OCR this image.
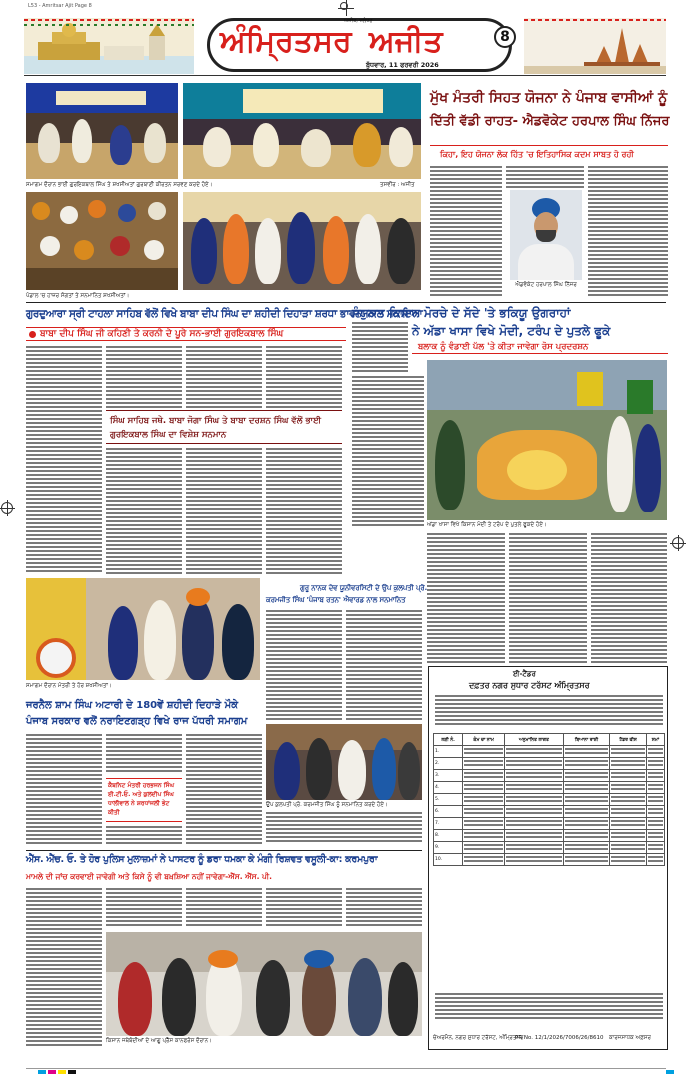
L53 - Amritsar Ajit Page 8
ਅੰਮ੍ਰਿਤਸਰ ਅਜੀਤ
ਅਜੀਤ, ਜਲੰਧਰ
ਬੁੱਧਵਾਰ, 11 ਫਰਵਰੀ 2026
8
ਸਮਾਗਮ ਦੌਰਾਨ ਭਾਈ ਗੁਰਇਕਬਾਲ ਸਿੰਘ ਤੇ ਸ਼ਖਸੀਅਤਾਂ ਗੁਰਬਾਣੀ ਕੀਰਤਨ ਸਰਵਣ ਕਰਦੇ ਹੋਏ।	ਤਸਵੀਰ : ਅਜੀਤ
ਪੰਡਾਲ 'ਚ ਹਾਜ਼ਰ ਸੰਗਤਾਂ ਤੇ ਸਨਮਾਨਿਤ ਸ਼ਖਸੀਅਤਾਂ।
ਮੁੱਖ ਮੰਤਰੀ ਸਿਹਤ ਯੋਜਨਾ ਨੇ ਪੰਜਾਬ ਵਾਸੀਆਂ ਨੂੰ
ਦਿੱਤੀ ਵੱਡੀ ਰਾਹਤ- ਐਡਵੋਕੇਟ ਹਰਪਾਲ ਸਿੰਘ ਨਿੱਜਰ
ਕਿਹਾ, ਇਹ ਯੋਜਨਾ ਲੋਕ ਹਿੱਤ 'ਚ ਇਤਿਹਾਸਿਕ ਕਦਮ ਸਾਬਤ ਹੋ ਰਹੀ
ਐਡਵੋਕੇਟ ਹਰਪਾਲ ਸਿੰਘ ਨਿੱਜਰ
ਗੁਰਦੁਆਰਾ ਸ੍ਰੀ ਟਾਹਲਾ ਸਾਹਿਬ ਵੱਲੋਂ ਵਿਖੇ ਬਾਬਾ ਦੀਪ ਸਿੰਘ ਦਾ ਸ਼ਹੀਦੀ ਦਿਹਾੜਾ ਸ਼ਰਧਾ ਭਾਵਨਾ ਨਾਲ ਮਨਾਇਆ
ਬਾਬਾ ਦੀਪ ਸਿੰਘ ਜੀ ਕਹਿਣੀ ਤੇ ਕਰਨੀ ਦੇ ਪੂਰੇ ਸਨ-ਭਾਈ ਗੁਰਇਕਬਾਲ ਸਿੰਘ
ਸਿੰਘ ਸਾਹਿਬ ਜਥੇ. ਬਾਬਾ ਜੋਗਾ ਸਿੰਘ ਤੇ ਬਾਬਾ ਦਰਸ਼ਨ ਸਿੰਘ ਵੱਲੋਂ ਭਾਈ ਗੁਰਇਕਬਾਲ ਸਿੰਘ ਦਾ ਵਿਸ਼ੇਸ਼ ਸਨਮਾਨ
ਸੰਯੁਕਤ ਕਿਸਾਨ ਮੋਰਚੇ ਦੇ ਸੱਦੇ 'ਤੇ ਭਕਿਯੂ ਉਗਰਾਹਾਂ
ਨੇ ਅੱਡਾ ਖਾਸਾ ਵਿਖੇ ਮੋਦੀ, ਟਰੰਪ ਦੇ ਪੁਤਲੇ ਫੂਕੇ
ਬਲਾਕ ਨੂੰ ਵੰਡਾਈ ਪੱਲ 'ਤੇ ਕੀਤਾ ਜਾਵੇਗਾ ਰੋਸ ਪ੍ਰਦਰਸ਼ਨ
ਅੱਡਾ ਖਾਸਾ ਵਿਖੇ ਕਿਸਾਨ ਮੋਦੀ ਤੇ ਟਰੰਪ ਦੇ ਪੁਤਲੇ ਫੂਕਦੇ ਹੋਏ।
ਸਮਾਗਮ ਦੌਰਾਨ ਮੰਤਰੀ ਤੇ ਹੋਰ ਸ਼ਖਸੀਅਤਾਂ।
ਜਰਨੈਲ ਸ਼ਾਮ ਸਿੰਘ ਅਟਾਰੀ ਦੇ 180ਵੇਂ ਸ਼ਹੀਦੀ ਦਿਹਾੜੇ ਮੌਕੇ
ਪੰਜਾਬ ਸਰਕਾਰ ਵਲੋਂ ਨਰਾਇਣਗੜ੍ਹ ਵਿਖੇ ਰਾਜ ਪੱਧਰੀ ਸਮਾਗਮ
ਕੈਬਨਿਟ ਮੰਤਰੀ ਹਰਭਜਨ ਸਿੰਘ ਈ.ਟੀ.ਓ. ਅਤੇ ਕੁਲਦੀਪ ਸਿੰਘ ਧਾਲੀਵਾਲ ਨੇ ਸ਼ਰਧਾਂਜਲੀ ਭੇਟ ਕੀਤੀ
ਗੁਰੂ ਨਾਨਕ ਦੇਵ ਯੂਨੀਵਰਸਿਟੀ ਦੇ ਉਪ ਕੁਲਪਤੀ ਪ੍ਰੋ.
ਕਰਮਜੀਤ ਸਿੰਘ 'ਪੰਜਾਬ ਰਤਨ' ਐਵਾਰਡ ਨਾਲ ਸਨਮਾਨਿਤ
ਉਪ ਕੁਲਪਤੀ ਪ੍ਰੋ. ਕਰਮਜੀਤ ਸਿੰਘ ਨੂੰ ਸਨਮਾਨਿਤ ਕਰਦੇ ਹੋਏ।
ਈ-ਟੈਂਡਰ
ਦਫ਼ਤਰ ਨਗਰ ਸੁਧਾਰ ਟਰੱਸਟ ਅੰਮ੍ਰਿਤਸਰ
ਲੜੀ ਨੰ.	ਕੰਮ ਦਾ ਨਾਮ	ਅਨੁਮਾਨਿਤ ਲਾਗਤ	ਬਿਆਨਾ ਰਾਸ਼ੀ	ਟੈਂਡਰ ਫੀਸ	ਸਮਾਂ
1.	

2.	

3.	

4.	

5.	

6.	

7.	

8.	

9.	

10.	

ਚੇਅਰਮੈਨ, ਨਗਰ ਸੁਧਾਰ ਟਰੱਸਟ, ਅੰਮ੍ਰਿਤਸਰ
PR No. 12/1/2026/7006/26/8610 ਕਾਰਜਸਾਧਕ ਅਫ਼ਸਰ
ਐੱਸ. ਐੱਚ. ਓ. ਤੇ ਹੋਰ ਪੁਲਿਸ ਮੁਲਾਜ਼ਮਾਂ ਨੇ ਪਾਸਟਰ ਨੂੰ ਡਰਾ ਧਮਕਾ ਕੇ ਮੰਗੀ ਰਿਸ਼ਵਤ ਵਸੂਲੀ-ਕਾ: ਕਰਮਪੁਰਾ
ਮਾਮਲੇ ਦੀ ਜਾਂਚ ਕਰਵਾਈ ਜਾਵੇਗੀ ਅਤੇ ਕਿਸੇ ਨੂੰ ਵੀ ਬਖ਼ਸ਼ਿਆ ਨਹੀਂ ਜਾਵੇਗਾ-ਐੱਸ. ਐੱਸ. ਪੀ.
ਕਿਸਾਨ ਜਥੇਬੰਦੀਆਂ ਦੇ ਆਗੂ ਪ੍ਰੈੱਸ ਕਾਨਫਰੰਸ ਦੌਰਾਨ।
